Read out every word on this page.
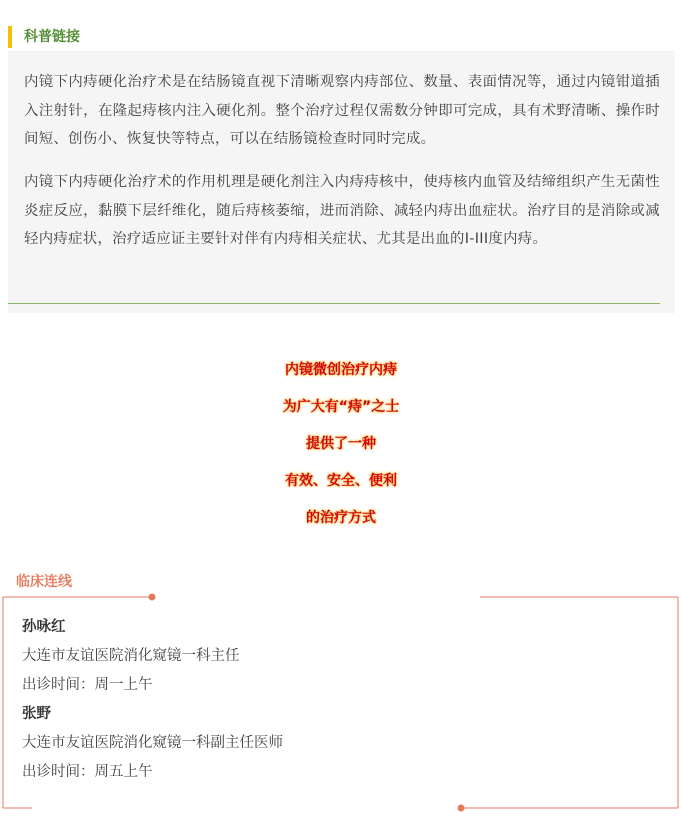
科普链接

内镜下内痔硬化治疗术是在结肠镜直视下清晰观察内痔部位、数量、表面情况等，通过内镜钳道插入注射针，在隆起痔核内注入硬化剂。整个治疗过程仅需数分钟即可完成，具有术野清晰、操作时间短、创伤小、恢复快等特点，可以在结肠镜检查时同时完成。

内镜下内痔硬化治疗术的作用机理是硬化剂注入内痔痔核中，使痔核内血管及结缔组织产生无菌性炎症反应，黏膜下层纤维化，随后痔核萎缩，进而消除、减轻内痔出血症状。治疗目的是消除或减轻内痔症状，治疗适应证主要针对伴有内痔相关症状、尤其是出血的I-III度内痔。

内镜微创治疗内痔
为广大有“痔”之士
提供了一种
有效、安全、便利
的治疗方式
临床连线
孙咏红
大连市友谊医院消化窥镜一科主任
出诊时间：周一上午
张野
大连市友谊医院消化窥镜一科副主任医师
出诊时间：周五上午
